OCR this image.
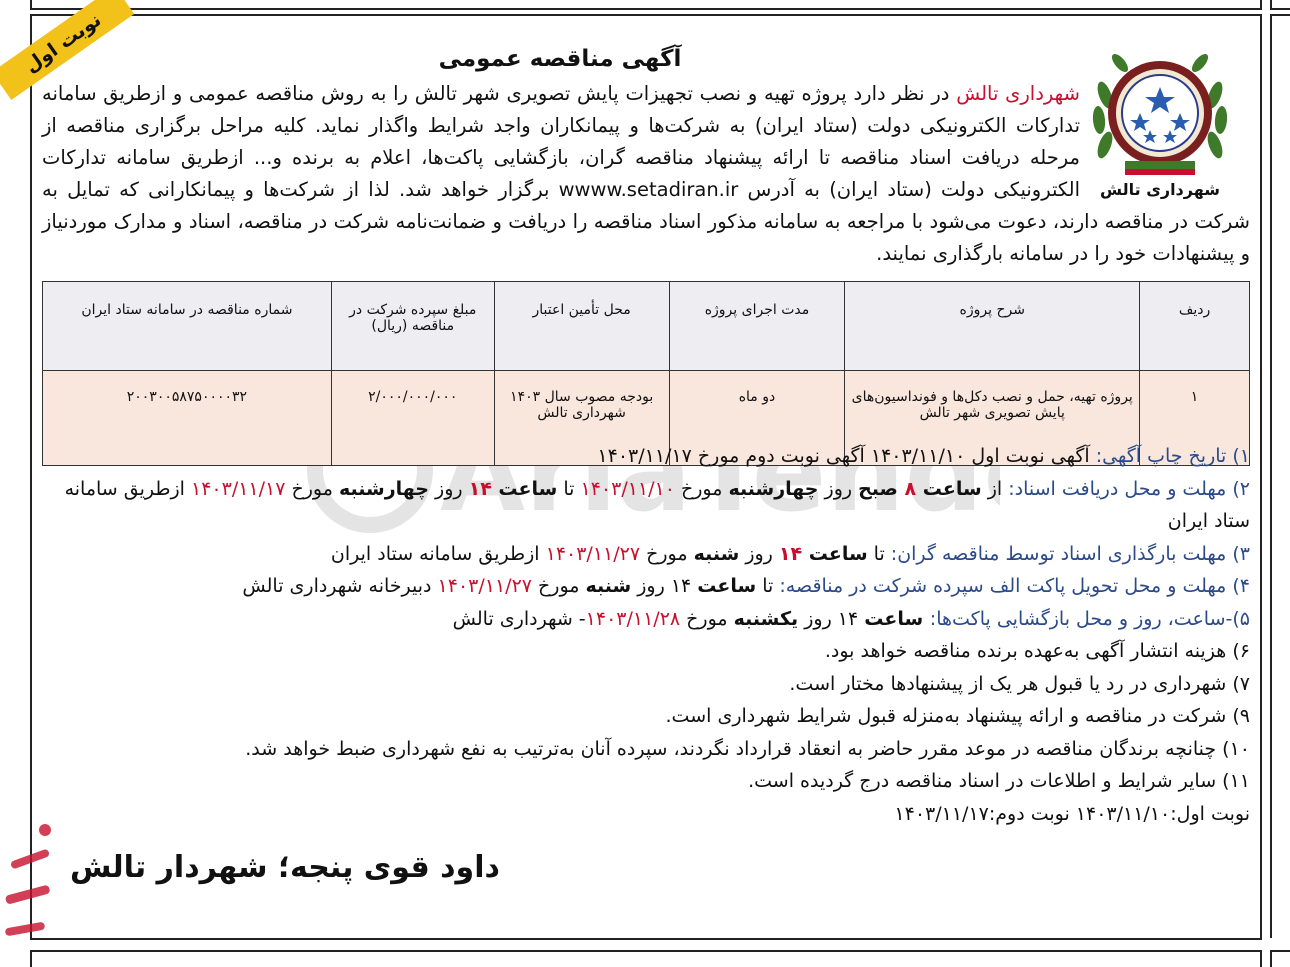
AriaTend
نوبت اول
شهرداری تالش
آگهی مناقصه عمومی
شهرداری تالش در نظر دارد پروژه تهیه و نصب تجهیزات پایش تصویری شهر تالش را به روش مناقصه عمومی و ازطریق سامانه تدارکات الکترونیکی دولت (ستاد ایران) به شرکت‌ها و پیمانکاران واجد شرایط واگذار نماید. کلیه مراحل برگزاری مناقصه از مرحله دریافت اسناد مناقصه تا ارائه پیشنهاد مناقصه گران، بازگشایی پاکت‌ها، اعلام به برنده و... ازطریق سامانه تدارکات الکترونیکی دولت (ستاد ایران) به آدرس wwww.setadiran.ir برگزار خواهد شد. لذا از شرکت‌ها و پیمانکارانی که تمایل به شرکت در مناقصه دارند، دعوت می‌شود با مراجعه به سامانه مذکور اسناد مناقصه را دریافت و ضمانت‌نامه شرکت در مناقصه، اسناد و مدارک موردنیاز و پیشنهادات خود را در سامانه بارگذاری نمایند.
ردیف	شرح پروژه	مدت اجرای پروژه	محل تأمین اعتبار	مبلغ سپرده شرکت در مناقصه (ریال)	شماره مناقصه در سامانه ستاد ایران
۱	پروژه تهیه، حمل و نصب دکل‌ها و فونداسیون‌های پایش تصویری شهر تالش	دو ماه	بودجه مصوب سال ۱۴۰۳ شهرداری تالش	۲/۰۰۰/۰۰۰/۰۰۰	۲۰۰۳۰۰۵۸۷۵۰۰۰۰۳۲
۱) تاریخ چاپ آگهی: آگهی نوبت اول ۱۴۰۳/۱۱/۱۰ آگهی نوبت دوم مورخ ۱۴۰۳/۱۱/۱۷
۲) مهلت و محل دریافت اسناد: از ساعت ۸ صبح روز چهارشنبه مورخ ۱۴۰۳/۱۱/۱۰ تا ساعت ۱۴ روز چهارشنبه مورخ ۱۴۰۳/۱۱/۱۷ ازطریق سامانه ستاد ایران
۳) مهلت بارگذاری اسناد توسط مناقصه گران: تا ساعت ۱۴ روز شنبه مورخ ۱۴۰۳/۱۱/۲۷ ازطریق سامانه ستاد ایران
۴) مهلت و محل تحویل پاکت الف سپرده شرکت در مناقصه: تا ساعت ۱۴ روز شنبه مورخ ۱۴۰۳/۱۱/۲۷ دبیرخانه شهرداری تالش
۵)-ساعت، روز و محل بازگشایی پاکت‌ها: ساعت ۱۴ روز یکشنبه مورخ ۱۴۰۳/۱۱/۲۸- شهرداری تالش
۶) هزینه انتشار آگهی به‌عهده برنده مناقصه خواهد بود.
۷) شهرداری در رد یا قبول هر یک از پیشنهادها مختار است.
۹) شرکت در مناقصه و ارائه پیشنهاد به‌منزله قبول شرایط شهرداری است.
۱۰) چنانچه برندگان مناقصه در موعد مقرر حاضر به انعقاد قرارداد نگردند، سپرده آنان به‌ترتیب به نفع شهرداری ضبط خواهد شد.
۱۱) سایر شرایط و اطلاعات در اسناد مناقصه درج گردیده است.
نوبت اول:۱۴۰۳/۱۱/۱۰ نوبت دوم:۱۴۰۳/۱۱/۱۷
داود قوی پنجه؛ شهردار تالش
